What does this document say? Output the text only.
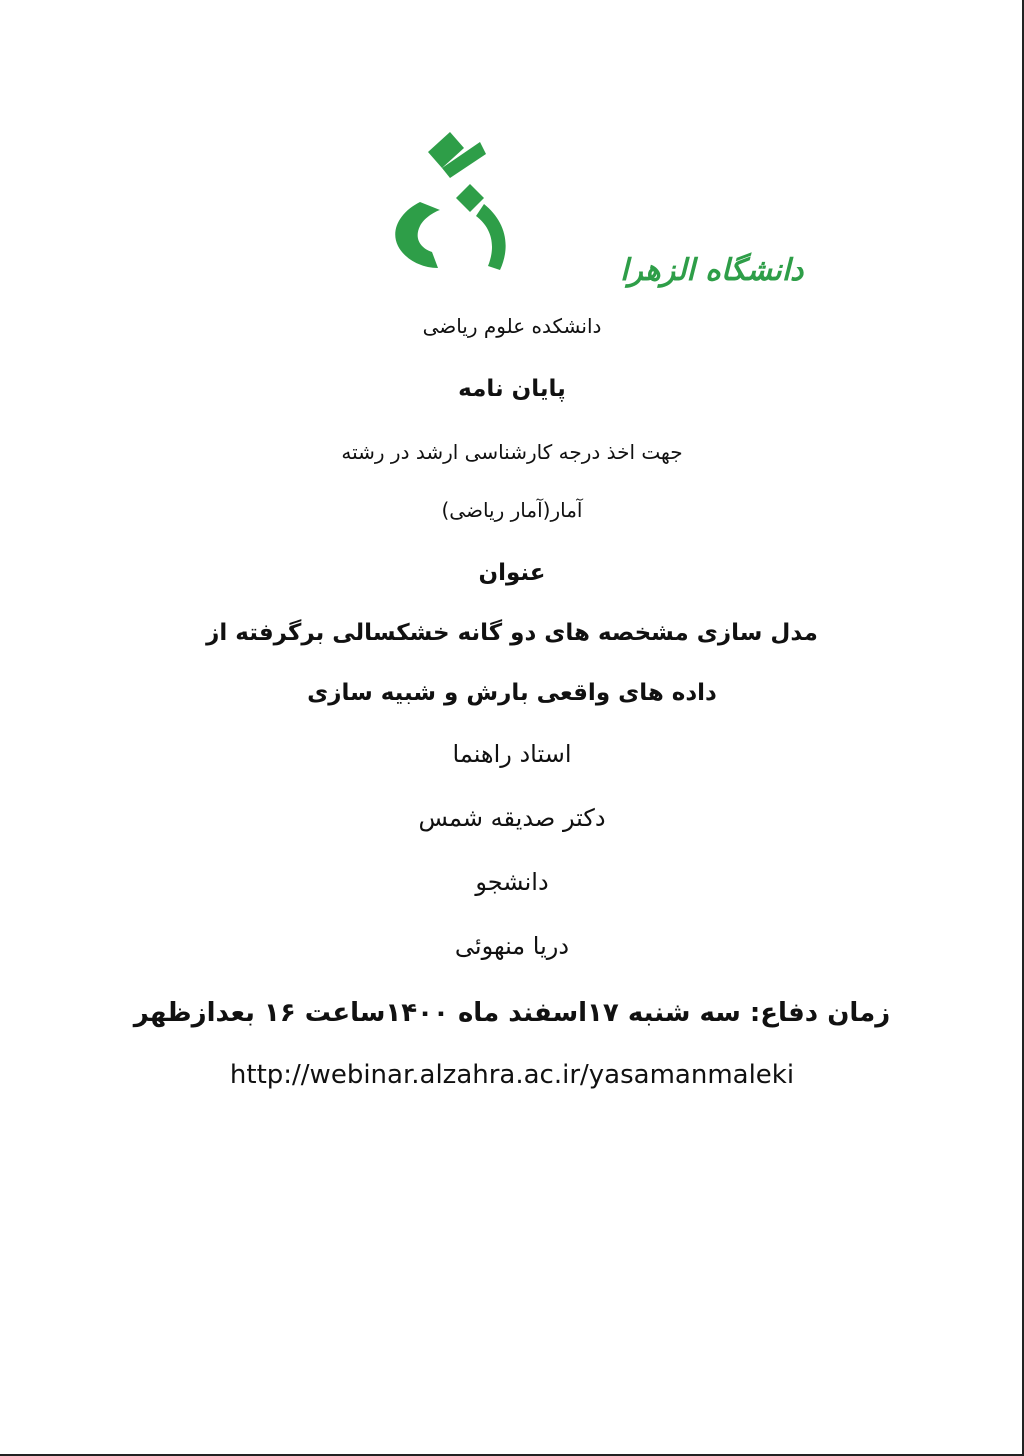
دانشگاه الزهرا
دانشکده علوم ریاضی
پایان نامه
جهت اخذ درجه کارشناسی ارشد در رشته
آمار(آمار ریاضی)
عنوان
مدل سازی مشخصه های دو گانه خشکسالی برگرفته از
داده های واقعی بارش و شبیه سازی
استاد راهنما
دکتر صدیقه شمس
دانشجو
دریا منهوئی
زمان دفاع: سه شنبه ۱۷اسفند ماه ۱۴۰۰ساعت ۱۶ بعدازظهر
http://webinar.alzahra.ac.ir/yasamanmaleki
